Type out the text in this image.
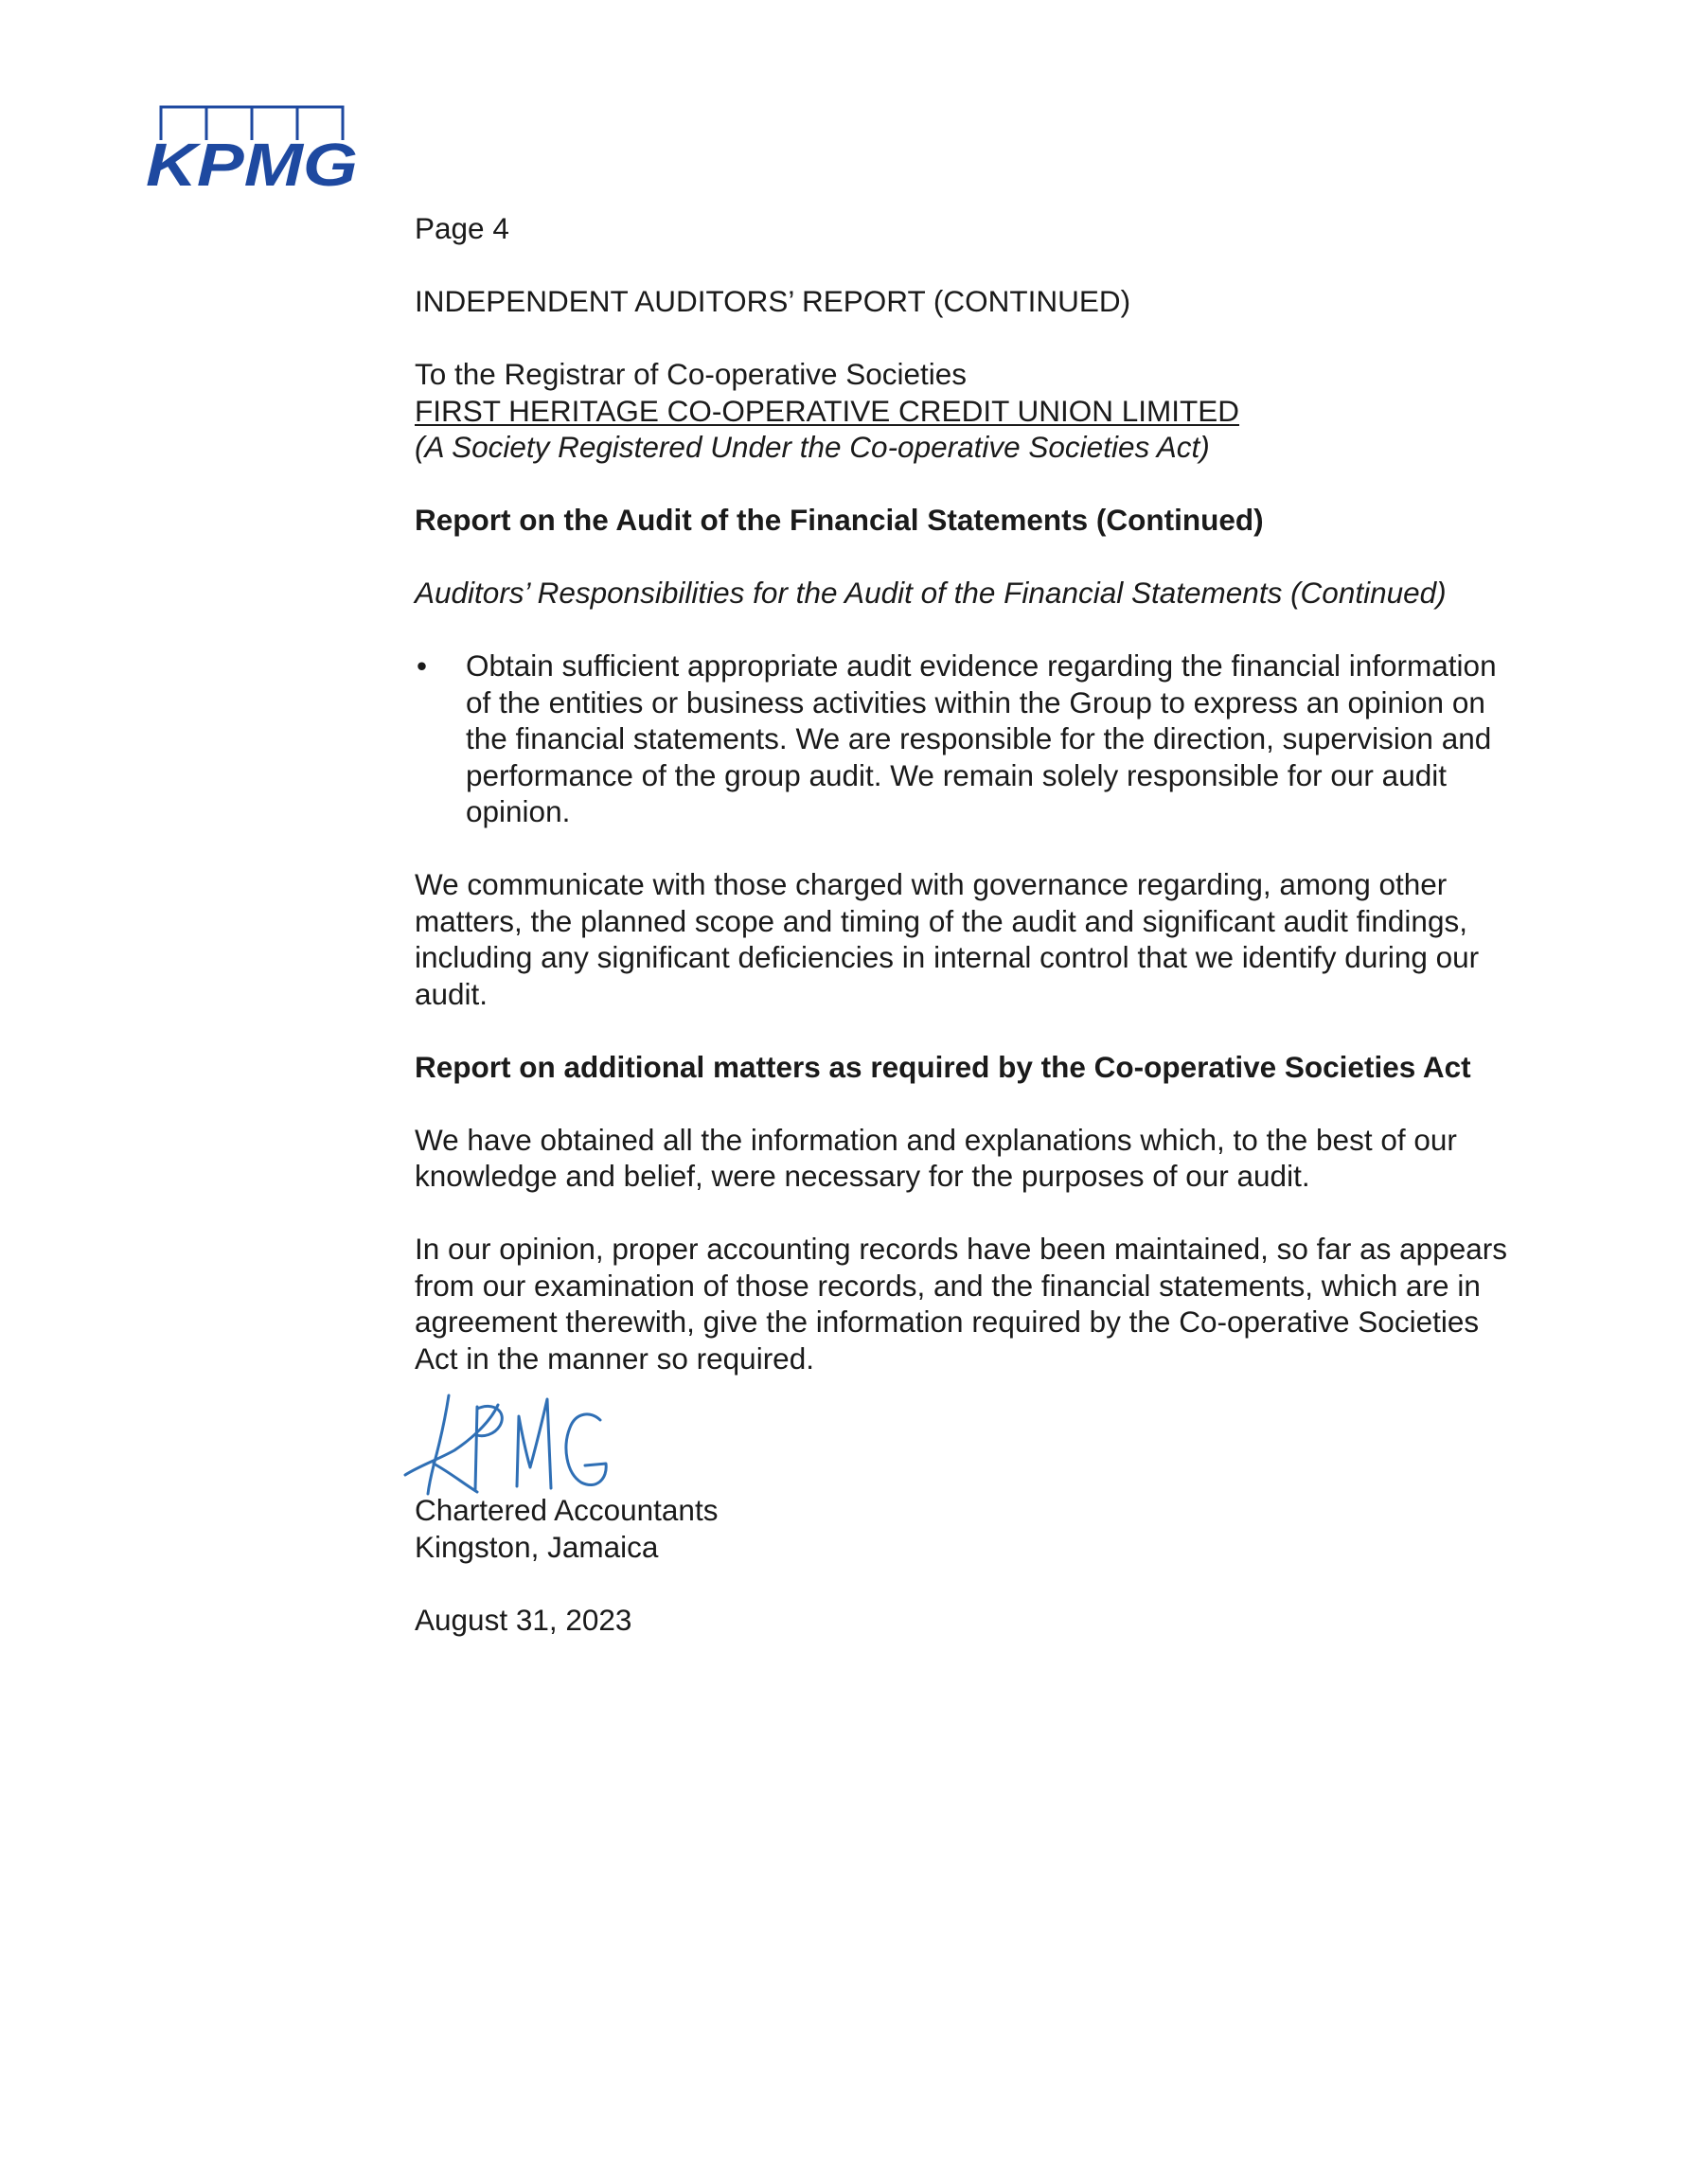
KPMG

Page 4

INDEPENDENT AUDITORS’ REPORT (CONTINUED)

To the Registrar of Co-operative Societies

FIRST HERITAGE CO-OPERATIVE CREDIT UNION LIMITED

(A Society Registered Under the Co-operative Societies Act)

Report on the Audit of the Financial Statements (Continued)

Auditors’ Responsibilities for the Audit of the Financial Statements (Continued)

•	Obtain sufficient appropriate audit evidence regarding the financial information of the entities or business activities within the Group to express an opinion on the financial statements. We are responsible for the direction, supervision and performance of the group audit. We remain solely responsible for our audit opinion.

We communicate with those charged with governance regarding, among other matters, the planned scope and timing of the audit and significant audit findings, including any significant deficiencies in internal control that we identify during our audit.

Report on additional matters as required by the Co-operative Societies Act

We have obtained all the information and explanations which, to the best of our knowledge and belief, were necessary for the purposes of our audit.

In our opinion, proper accounting records have been maintained, so far as appears from our examination of those records, and the financial statements, which are in agreement therewith, give the information required by the Co-operative Societies Act in the manner so required.

Chartered Accountants

Kingston, Jamaica

August 31, 2023
